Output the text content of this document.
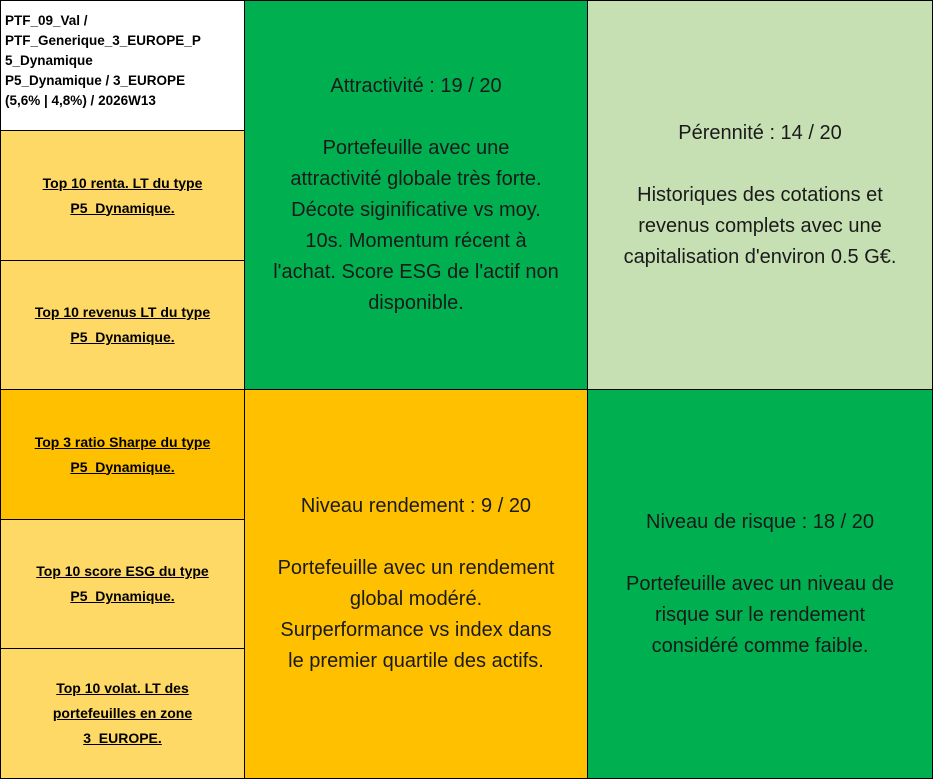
PTF_09_Val /
PTF_Generique_3_EUROPE_P
5_Dynamique
P5_Dynamique / 3_EUROPE
(5,6% | 4,8%) / 2026W13
Top 10 renta. LT du type
P5_Dynamique.
Top 10 revenus LT du type
P5_Dynamique.
Top 3 ratio Sharpe du type
P5_Dynamique.
Top 10 score ESG du type
P5_Dynamique.
Top 10 volat. LT des
portefeuilles en zone
3_EUROPE.
Attractivité : 19 / 20
Portefeuille avec une
attractivité globale très forte.
Décote siginificative vs moy.
10s. Momentum récent à
l'achat. Score ESG de l'actif non
disponible.
Pérennité : 14 / 20
Historiques des cotations et
revenus complets avec une
capitalisation d'environ 0.5 G€.
Niveau rendement : 9 / 20
Portefeuille avec un rendement
global modéré.
Surperformance vs index dans
le premier quartile des actifs.
Niveau de risque : 18 / 20
Portefeuille avec un niveau de
risque sur le rendement
considéré comme faible.
